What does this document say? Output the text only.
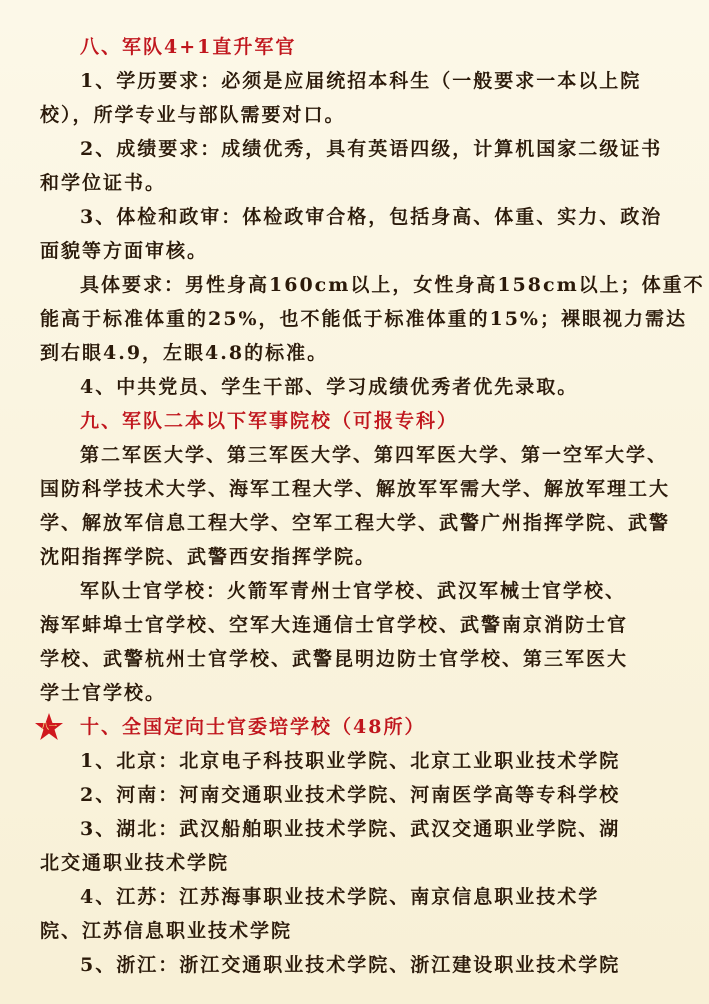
八、军队4+1直升军官
1、学历要求：必须是应届统招本科生（一般要求一本以上院
校），所学专业与部队需要对口。
2、成绩要求：成绩优秀，具有英语四级，计算机国家二级证书
和学位证书。
3、体检和政审：体检政审合格，包括身高、体重、实力、政治
面貌等方面审核。
具体要求：男性身高160cm以上，女性身高158cm以上；体重不
能高于标准体重的25%，也不能低于标准体重的15%；裸眼视力需达
到右眼4.9，左眼4.8的标准。
4、中共党员、学生干部、学习成绩优秀者优先录取。
九、军队二本以下军事院校（可报专科）
第二军医大学、第三军医大学、第四军医大学、第一空军大学、
国防科学技术大学、海军工程大学、解放军军需大学、解放军理工大
学、解放军信息工程大学、空军工程大学、武警广州指挥学院、武警
沈阳指挥学院、武警西安指挥学院。
军队士官学校：火箭军青州士官学校、武汉军械士官学校、
海军蚌埠士官学校、空军大连通信士官学校、武警南京消防士官
学校、武警杭州士官学校、武警昆明边防士官学校、第三军医大
学士官学校。
八一	十、全国定向士官委培学校（48所）
1、北京：北京电子科技职业学院、北京工业职业技术学院
2、河南：河南交通职业技术学院、河南医学高等专科学校
3、湖北：武汉船舶职业技术学院、武汉交通职业学院、湖
北交通职业技术学院
4、江苏：江苏海事职业技术学院、南京信息职业技术学
院、江苏信息职业技术学院
5、浙江：浙江交通职业技术学院、浙江建设职业技术学院
